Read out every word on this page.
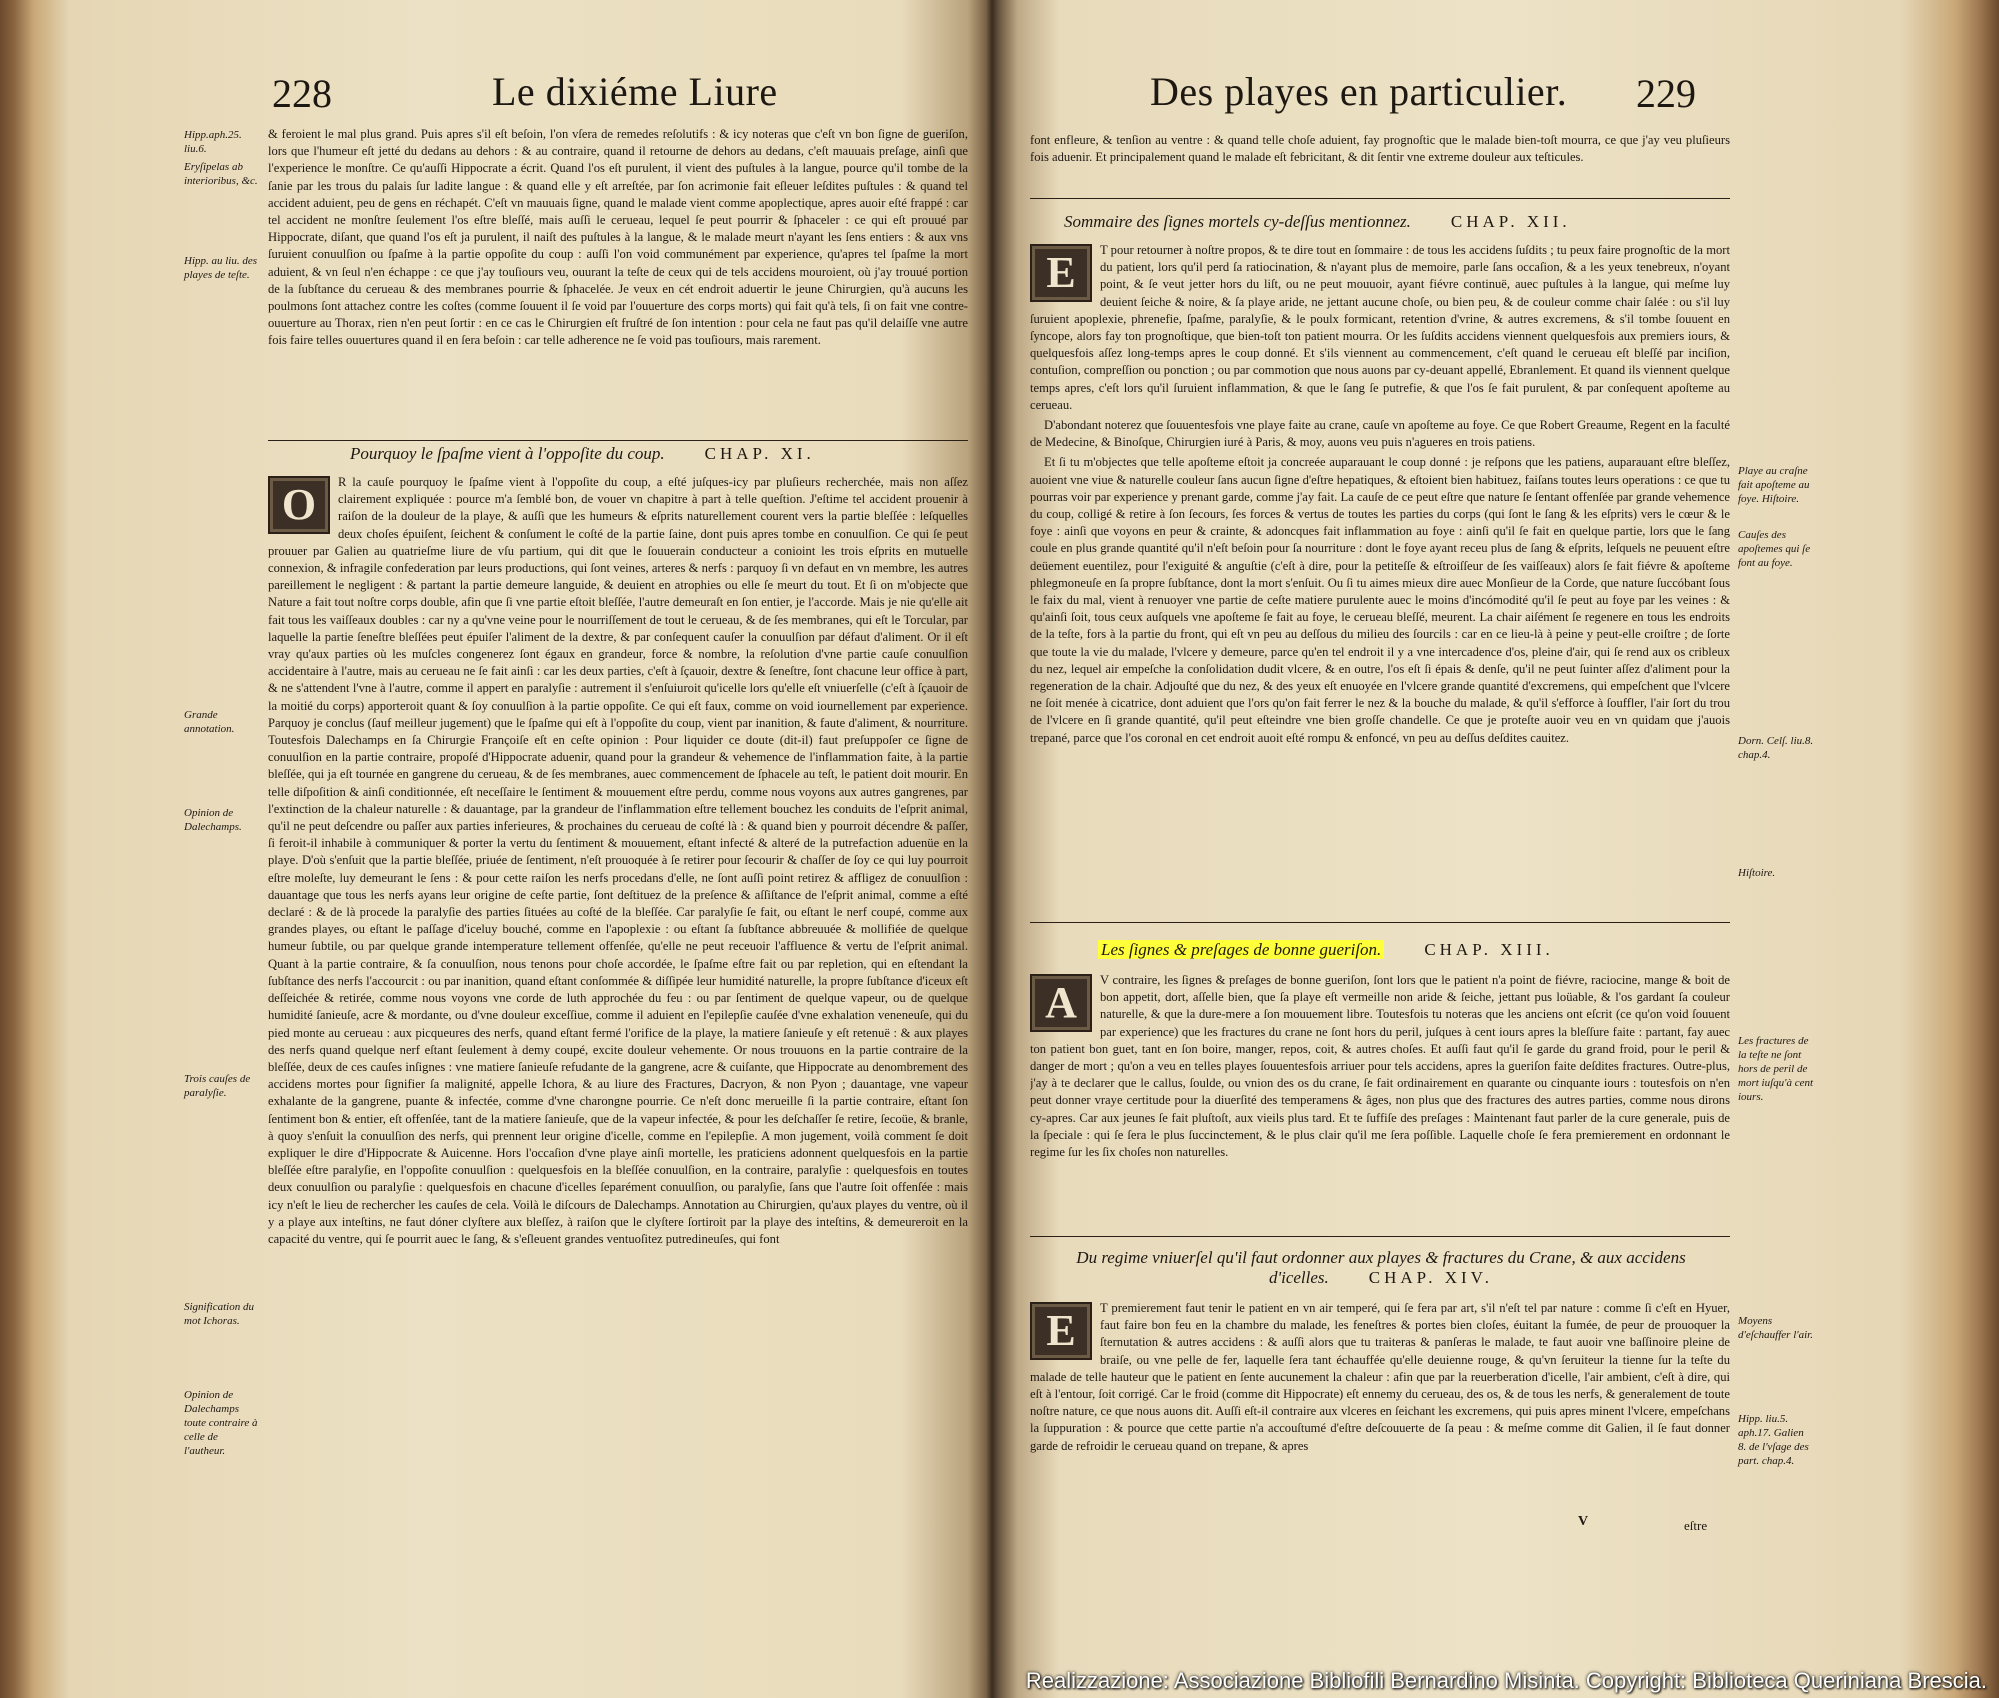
228	Le dixiéme Liure
Hipp.aph.25. liu.6.
Eryſipelas ab interioribus, &c.
Hipp. au liu. des playes de teſte.
Grande annotation.
Opinion de Dalechamps.
Trois cauſes de paralyſie.
Signification du mot Ichoras.
Opinion de Dalechamps toute contraire à celle de l'autheur.

& feroient le mal plus grand. Puis apres s'il eſt beſoin, l'on vſera de remedes reſolutifs : & icy noteras que c'eſt vn bon ſigne de gueriſon, lors que l'humeur eſt jetté du dedans au dehors : & au contraire, quand il retourne de dehors au dedans, c'eſt mauuais preſage, ainſi que l'experience le monſtre. Ce qu'auſſi Hippocrate a écrit. Quand l'os eſt purulent, il vient des puſtules à la langue, pource qu'il tombe de la ſanie par les trous du palais ſur ladite langue : & quand elle y eſt arreſtée, par ſon acrimonie fait eſleuer leſdites puſtules : & quand tel accident aduient, peu de gens en réchapét. C'eſt vn mauuais ſigne, quand le malade vient comme apoplectique, apres auoir eſté frappé : car tel accident ne monſtre ſeulement l'os eſtre bleſſé, mais auſſi le cerueau, lequel ſe peut pourrir & ſphaceler : ce qui eſt prouué par Hippocrate, diſant, que quand l'os eſt ja purulent, il naiſt des puſtules à la langue, & le malade meurt n'ayant les ſens entiers : & aux vns ſuruient conuulſion ou ſpaſme à la partie oppoſite du coup : auſſi l'on void communément par experience, qu'apres tel ſpaſme la mort aduient, & vn ſeul n'en échappe : ce que j'ay touſiours veu, ouurant la teſte de ceux qui de tels accidens mouroient, où j'ay trouué portion de la ſubſtance du cerueau & des membranes pourrie & ſphacelée. Je veux en cét endroit aduertir le jeune Chirurgien, qu'à aucuns les poulmons ſont attachez contre les coſtes (comme ſouuent il ſe void par l'ouuerture des corps morts) qui fait qu'à tels, ſi on fait vne contre-ouuerture au Thorax, rien n'en peut ſortir : en ce cas le Chirurgien eſt fruſtré de ſon intention : pour cela ne faut pas qu'il delaiſſe vne autre fois faire telles ouuertures quand il en ſera beſoin : car telle adherence ne ſe void pas touſiours, mais rarement.

Pourquoy le ſpaſme vient à l'oppoſite du coup. CHAP. XI.
O	R la cauſe pourquoy le ſpaſme vient à l'oppoſite du coup, a eſté juſques-icy par pluſieurs recherchée, mais non aſſez clairement expliquée : pource m'a ſemblé bon, de vouer vn chapitre à part à telle queſtion. J'eſtime tel accident prouenir à raiſon de la douleur de la playe, & auſſi que les humeurs & eſprits naturellement courent vers la partie bleſſée : leſquelles deux choſes épuiſent, ſeichent & conſument le coſté de la partie ſaine, dont puis apres tombe en conuulſion. Ce qui ſe peut prouuer par Galien au quatrieſme liure de vſu partium, qui dit que le ſouuerain conducteur a conioint les trois eſprits en mutuelle connexion, & infragile confederation par leurs productions, qui ſont veines, arteres & nerfs : parquoy ſi vn defaut en vn membre, les autres pareillement le negligent : & partant la partie demeure languide, & deuient en atrophies ou elle ſe meurt du tout. Et ſi on m'objecte que Nature a fait tout noſtre corps double, afin que ſi vne partie eſtoit bleſſée, l'autre demeuraſt en ſon entier, je l'accorde. Mais je nie qu'elle ait fait tous les vaiſſeaux doubles : car ny a qu'vne veine pour le nourriſſement de tout le cerueau, & de ſes membranes, qui eſt le Torcular, par laquelle la partie ſeneſtre bleſſées peut épuiſer l'aliment de la dextre, & par conſequent cauſer la conuulſion par défaut d'aliment. Or il eſt vray qu'aux parties où les muſcles congenerez ſont égaux en grandeur, force & nombre, la reſolution d'vne partie cauſe conuulſion accidentaire à l'autre, mais au cerueau ne ſe fait ainſi : car les deux parties, c'eſt à ſçauoir, dextre & ſeneſtre, ſont chacune leur office à part, & ne s'attendent l'vne à l'autre, comme il appert en paralyſie : autrement il s'enſuiuroit qu'icelle lors qu'elle eſt vniuerſelle (c'eſt à ſçauoir de la moitié du corps) apporteroit quant & ſoy conuulſion à la partie oppoſite. Ce qui eſt faux, comme on void iournellement par experience. Parquoy je conclus (ſauf meilleur jugement) que le ſpaſme qui eſt à l'oppoſite du coup, vient par inanition, & faute d'aliment, & nourriture. Toutesfois Dalechamps en ſa Chirurgie Françoiſe eſt en ceſte opinion : Pour liquider ce doute (dit-il) faut preſuppoſer ce ſigne de conuulſion en la partie contraire, propoſé d'Hippocrate aduenir, quand pour la grandeur & vehemence de l'inflammation faite, à la partie bleſſée, qui ja eſt tournée en gangrene du cerueau, & de ſes membranes, auec commencement de ſphacele au teſt, le patient doit mourir. En telle diſpoſition & ainſi conditionnée, eſt neceſſaire le ſentiment & mouuement eſtre perdu, comme nous voyons aux autres gangrenes, par l'extinction de la chaleur naturelle : & dauantage, par la grandeur de l'inflammation eſtre tellement bouchez les conduits de l'eſprit animal, qu'il ne peut deſcendre ou paſſer aux parties inferieures, & prochaines du cerueau de coſté là : & quand bien y pourroit décendre & paſſer, ſi feroit-il inhabile à communiquer & porter la vertu du ſentiment & mouuement, eſtant infecté & alteré de la putrefaction aduenüe en la playe. D'où s'enſuit que la partie bleſſée, priuée de ſentiment, n'eſt prouoquée à ſe retirer pour ſecourir & chaſſer de ſoy ce qui luy pourroit eſtre moleſte, luy demeurant le ſens : & pour cette raiſon les nerfs procedans d'elle, ne ſont auſſi point retirez & affligez de conuulſion : dauantage que tous les nerfs ayans leur origine de ceſte partie, ſont deſtituez de la preſence & aſſiſtance de l'eſprit animal, comme a eſté declaré : & de là procede la paralyſie des parties ſituées au coſté de la bleſſée. Car paralyſie ſe fait, ou eſtant le nerf coupé, comme aux grandes playes, ou eſtant le paſſage d'iceluy bouché, comme en l'apoplexie : ou eſtant ſa ſubſtance abbreuuée & mollifiée de quelque humeur ſubtile, ou par quelque grande intemperature tellement offenſée, qu'elle ne peut receuoir l'affluence & vertu de l'eſprit animal. Quant à la partie contraire, & ſa conuulſion, nous tenons pour choſe accordée, le ſpaſme eſtre fait ou par repletion, qui en eſtendant la ſubſtance des nerfs l'accourcit : ou par inanition, quand eſtant conſommée & diſſipée leur humidité naturelle, la propre ſubſtance d'iceux eſt deſſeichée & retirée, comme nous voyons vne corde de luth approchée du feu : ou par ſentiment de quelque vapeur, ou de quelque humidité ſanieuſe, acre & mordante, ou d'vne douleur exceſſiue, comme il aduient en l'epilepſie cauſée d'vne exhalation veneneuſe, qui du pied monte au cerueau : aux picqueures des nerfs, quand eſtant fermé l'orifice de la playe, la matiere ſanieuſe y eſt retenuë : & aux playes des nerfs quand quelque nerf eſtant ſeulement à demy coupé, excite douleur vehemente. Or nous trouuons en la partie contraire de la bleſſée, deux de ces cauſes inſignes : vne matiere ſanieuſe refudante de la gangrene, acre & cuiſante, que Hippocrate au denombrement des accidens mortes pour ſignifier ſa malignité, appelle Ichora, & au liure des Fractures, Dacryon, & non Pyon ; dauantage, vne vapeur exhalante de la gangrene, puante & infectée, comme d'vne charongne pourrie. Ce n'eſt donc merueille ſi la partie contraire, eſtant ſon ſentiment bon & entier, eſt offenſée, tant de la matiere ſanieuſe, que de la vapeur infectée, & pour les deſchaſſer ſe retire, ſecoüe, & branle, à quoy s'enſuit la conuulſion des nerfs, qui prennent leur origine d'icelle, comme en l'epilepſie. A mon jugement, voilà comment ſe doit expliquer le dire d'Hippocrate & Auicenne. Hors l'occaſion d'vne playe ainſi mortelle, les praticiens adonnent quelquesfois en la partie bleſſée eſtre paralyſie, en l'oppoſite conuulſion : quelquesfois en la bleſſée conuulſion, en la contraire, paralyſie : quelquesfois en toutes deux conuulſion ou paralyſie : quelquesfois en chacune d'icelles ſeparément conuulſion, ou paralyſie, ſans que l'autre ſoit offenſée : mais icy n'eſt le lieu de rechercher les cauſes de cela. Voilà le diſcours de Dalechamps. Annotation au Chirurgien, qu'aux playes du ventre, où il y a playe aux inteſtins, ne faut dóner clyſtere aux bleſſez, à raiſon que le clyſtere ſortiroit par la playe des inteſtins, & demeureroit en la capacité du ventre, qui ſe pourrit auec le ſang, & s'eſleuent grandes ventuoſitez putredineuſes, qui font

Des playes en particulier. 229
Playe au craſne fait apoſteme au foye. Hiſtoire.
Cauſes des apoſtemes qui ſe font au foye.
Dorn. Celſ. liu.8. chap.4.
Hiſtoire.
Les fractures de la teſte ne ſont hors de peril de mort iuſqu'à cent iours.
Moyens d'eſchauffer l'air.
Hipp. liu.5. aph.17. Galien 8. de l'vſage des part. chap.4.

font enfleure, & tenſion au ventre : & quand telle choſe aduient, fay prognoſtic que le malade bien-toſt mourra, ce que j'ay veu pluſieurs fois aduenir. Et principalement quand le malade eſt febricitant, & dit ſentir vne extreme douleur aux teſticules.

Sommaire des ſignes mortels cy-deſſus mentionnez. CHAP. XII.
E	T pour retourner à noſtre propos, & te dire tout en ſommaire : de tous les accidens ſuſdits ; tu peux faire prognoſtic de la mort du patient, lors qu'il perd ſa ratiocination, & n'ayant plus de memoire, parle ſans occaſion, & a les yeux tenebreux, n'oyant point, & ſe veut jetter hors du liſt, ou ne peut mouuoir, ayant fiévre continuë, auec puſtules à la langue, qui meſme luy deuient ſeiche & noire, & ſa playe aride, ne jettant aucune choſe, ou bien peu, & de couleur comme chair ſalée : ou s'il luy ſuruient apoplexie, phrenefie, ſpaſme, paralyſie, & le poulx formicant, retention d'vrine, & autres excremens, & s'il tombe ſouuent en ſyncope, alors fay ton prognoſtique, que bien-toſt ton patient mourra. Or les ſuſdits accidens viennent quelquesfois aux premiers iours, & quelquesfois aſſez long-temps apres le coup donné. Et s'ils viennent au commencement, c'eſt quand le cerueau eſt bleſſé par inciſion, contuſion, compreſſion ou ponction ; ou par commotion que nous auons par cy-deuant appellé, Ebranlement. Et quand ils viennent quelque temps apres, c'eſt lors qu'il ſuruient inflammation, & que le ſang ſe putrefie, & que l'os ſe fait purulent, & par conſequent apoſteme au cerueau.

D'abondant noterez que ſouuentesfois vne playe faite au crane, cauſe vn apoſteme au foye. Ce que Robert Greaume, Regent en la faculté de Medecine, & Binoſque, Chirurgien iuré à Paris, & moy, auons veu puis n'agueres en trois patiens.

Et ſi tu m'objectes que telle apoſteme eſtoit ja concreée auparauant le coup donné : je reſpons que les patiens, auparauant eſtre bleſſez, auoient vne viue & naturelle couleur ſans aucun ſigne d'eſtre hepatiques, & eſtoient bien habituez, faiſans toutes leurs operations : ce que tu pourras voir par experience y prenant garde, comme j'ay fait. La cauſe de ce peut eſtre que nature ſe ſentant offenſée par grande vehemence du coup, colligé & retire à ſon ſecours, ſes forces & vertus de toutes les parties du corps (qui ſont le ſang & les eſprits) vers le cœur & le foye : ainſi que voyons en peur & crainte, & adoncques fait inflammation au foye : ainſi qu'il ſe fait en quelque partie, lors que le ſang coule en plus grande quantité qu'il n'eſt beſoin pour ſa nourriture : dont le foye ayant receu plus de ſang & eſprits, leſquels ne peuuent eſtre deüement euentilez, pour l'exiguité & anguſtie (c'eſt à dire, pour la petiteſſe & eſtroiſſeur de ſes vaiſſeaux) alors ſe fait fiévre & apoſteme phlegmoneuſe en ſa propre ſubſtance, dont la mort s'enſuit. Ou ſi tu aimes mieux dire auec Monſieur de la Corde, que nature ſuccóbant ſous le faix du mal, vient à renuoyer vne partie de ceſte matiere purulente auec le moins d'incómodité qu'il ſe peut au foye par les veines : & qu'ainſi ſoit, tous ceux auſquels vne apoſteme ſe fait au foye, le cerueau bleſſé, meurent. La chair aiſément ſe regenere en tous les endroits de la teſte, fors à la partie du front, qui eſt vn peu au deſſous du milieu des ſourcils : car en ce lieu-là à peine y peut-elle croiſtre ; de ſorte que toute la vie du malade, l'vlcere y demeure, parce qu'en tel endroit il y a vne intercadence d'os, pleine d'air, qui ſe rend aux os cribleux du nez, lequel air empeſche la conſolidation dudit vlcere, & en outre, l'os eſt ſi épais & denſe, qu'il ne peut ſuinter aſſez d'aliment pour la regeneration de la chair. Adjouſté que du nez, & des yeux eſt enuoyée en l'vlcere grande quantité d'excremens, qui empeſchent que l'vlcere ne ſoit menée à cicatrice, dont aduient que l'ors qu'on fait ferrer le nez & la bouche du malade, & qu'il s'efforce à ſouffler, l'air ſort du trou de l'vlcere en ſi grande quantité, qu'il peut eſteindre vne bien groſſe chandelle. Ce que je proteſte auoir veu en vn quidam que j'auois trepané, parce que l'os coronal en cet endroit auoit eſté rompu & enfoncé, vn peu au deſſus deſdites cauitez.

Les ſignes & preſages de bonne gueriſon.	CHAP. XIII.
A	V contraire, les ſignes & preſages de bonne gueriſon, ſont lors que le patient n'a point de fiévre, raciocine, mange & boit de bon appetit, dort, aſſelle bien, que ſa playe eſt vermeille non aride & ſeiche, jettant pus loüable, & l'os gardant ſa couleur naturelle, & que la dure-mere a ſon mouuement libre. Toutesfois tu noteras que les anciens ont eſcrit (ce qu'on void ſouuent par experience) que les fractures du crane ne ſont hors du peril, juſques à cent iours apres la bleſſure faite : partant, fay auec ton patient bon guet, tant en ſon boire, manger, repos, coit, & autres choſes. Et auſſi faut qu'il ſe garde du grand froid, pour le peril & danger de mort ; qu'on a veu en telles playes ſouuentesfois arriuer pour tels accidens, apres la gueriſon faite deſdites fractures. Outre-plus, j'ay à te declarer que le callus, ſoulde, ou vnion des os du crane, ſe fait ordinairement en quarante ou cinquante iours : toutesfois on n'en peut donner vraye certitude pour la diuerſité des temperamens & âges, non plus que des fractures des autres parties, comme nous dirons cy-apres. Car aux jeunes ſe fait pluſtoſt, aux vieils plus tard. Et te ſuffiſe des preſages : Maintenant faut parler de la cure generale, puis de la ſpeciale : qui ſe ſera le plus ſuccinctement, & le plus clair qu'il me ſera poſſible. Laquelle choſe ſe fera premierement en ordonnant le regime ſur les ſix choſes non naturelles.

Du regime vniuerſel qu'il faut ordonner aux playes & fractures du Crane, & aux accidens d'icelles. CHAP. XIV.
E	T premierement faut tenir le patient en vn air temperé, qui ſe fera par art, s'il n'eſt tel par nature : comme ſi c'eſt en Hyuer, faut faire bon feu en la chambre du malade, les feneſtres & portes bien cloſes, éuitant la fumée, de peur de prouoquer la ſternutation & autres accidens : & auſſi alors que tu traiteras & panſeras le malade, te faut auoir vne baſſinoire pleine de braiſe, ou vne pelle de fer, laquelle ſera tant échauffée qu'elle deuienne rouge, & qu'vn ſeruiteur la tienne ſur la teſte du malade de telle hauteur que le patient en ſente aucunement la chaleur : afin que par la reuerberation d'icelle, l'air ambient, c'eſt à dire, qui eſt à l'entour, ſoit corrigé. Car le froid (comme dit Hippocrate) eſt ennemy du cerueau, des os, & de tous les nerfs, & generalement de toute noſtre nature, ce que nous auons dit. Auſſi eſt-il contraire aux vlceres en ſeichant les excremens, qui puis apres minent l'vlcere, empeſchans la ſuppuration : & pource que cette partie n'a accouſtumé d'eſtre deſcouuerte de ſa peau : & meſme comme dit Galien, il ſe faut donner garde de refroidir le cerueau quand on trepane, & apres

V	eſtre
Realizzazione: Associazione Bibliofili Bernardino Misinta. Copyright: Biblioteca Queriniana Brescia.
